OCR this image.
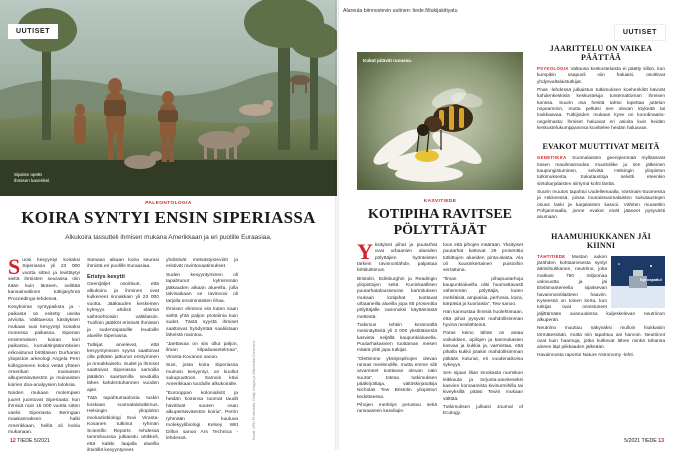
UUTISET
Sijainte opettt ihmisen kaverikel.
PALEONTOLOGIA
KOIRA SYNTYI ENSIN SIPERIASSA
Alkukoira tassutteli ihmisen mukana Amerikkaan ja eri puolille Euraasiaa.
S uosi kesyyntyi koiraksi Siperiassa yli 23 000 vuotta sitten ja levittäytyi sieltä ihmisten seurassa niin itään kuin länteen, selittää kansainvälinen tutkijaryhmä Proceedings-lehdessä.

Kesykoiran syntypaiksta ja -paikasta on esitetty useita arvioita. Valittaessa käsityksen mukaan susi kesyyntyi koiraksi monessa paikassa. Siperian ensimmäisen koiran kori paikantui, kumaläinjäännöksien erikoistunut brittiläisen Durhamin yliopiston arkeologi Angela Perri kollegoineen kokoi vetää yhteen Amerikan muinaisen alkuperäisväestön ja muinaisten koirien dna-analyysien tuloksia.

Noiden mukaan molempien juuret juontuvat Siperiaata: kun ihmisiä noin 15 000 vuotta sitten vaelsi Siperiasta Beringian maakannaksen halki Amerikkaan, heillä oli koiria mukanaan.

Samaan aikaan koira seurasi ihmistä eri puolille Euraasiaa.

Eristys kesytti

Geenijäljet osoittivat, että alkukoira ja ihminen ovat kulkeneet rinnakkain yli 23 000 vuotta. Jääkauden keskeinen kylmyys ahdisti eläimiä vaihtoehtoisiin välitilaisiin. Tuolloin jäätiköt eristivät ihmisten ja sudenrapatullle leudoille alueille Siperiassa.

Tutkijat arvelevat, että kesyyntymisen syynä saattoivat olla pitkään jatkunut eristyminen ja rinnakkaiselo. Sudet ja ihmiset saattoivat Siperiassa samoilla jäätikön saartamilla seuduilla lähes kahdentuhannen vuoden ajan.

Tätä tapahtumaolosta tuskin koskaan suomalaistutkimus. Helsingin yliopiston evoluutiobiologi Suvi Viranta-Kovanen tutkinut ryhmän Scientific Reports -lehdessä tammikuussa julkaisitu artikkeli, että kaikki laajalla alueilla ilmiöillä kesyyntyneet.

yhdistivät metsästysreviirit ja eristivät ravintovaatimukset.

Suden kesyyntyminen oli tapahtunut kylmimmän jääkauden aikaan alueella, jolla talvisaikaan se ravinnosi oli tarjolla ensimmäisten lihaa.

Ihmisen eliminoi eiä kuten kaan sieltä yhtä paljon proteiinia kuin sudet. Tästä syystä ihmiset saattoivat hyödyntää saaliistaan läheistä ravintoa.

"Jaettavaa on siis ollut paljon, ilman kilpailuasetelmaa", Viranta-Kovanen sanoo.

Susi, josta koira Siperiassa muinoin kesyyntyi, on kuollut sukupuuttoon. Samoin kävi Amerikkaan tuodulle alkukoiralle.

"Eurooppan kolonialistit ja heidän koiransa tuomat taudit hävittivät suuren osan alkuperäisväestön koiria", Perrin ryhmään kuuluva molekyylibiologi Kelsey Witt Dillon sanoo Ars Technica -lehdessä.	Kuvat: SPL/ Profimedia, Getty Images ja Wikimedia Commons
12 TIEDE 5/2021
Alareuta biinnostevin uutinen: tiede.fi/tukijakitiyatu
UUTISET
Kukat pitävät ruoassa.
KASVITIEDE
KOTIPIHA RAVITSEE PÖLYTTÄJÄT
Y ksityiset pihat ja puutarhat ovat urbaanien alueiden pölyttäjien hyönteisten tärkein ravinnonlähde, paljastaa brittitutkimus.

Bristolin, Edinburghin ja Readingin yliopistojen sekä Kuninkaallisen puutarhatalousseuran kartoituksen mukaan kotipihat tuottavat urbaaneilla alueilla jopa 85 prosenttia pölyttäjälle ravinnoksi käyttämästä mettestä.

Tutkimus tehtiin kerännältä mesinäytteitä yli 3 000 ykstittäisestä kasvista neljällä kaupunkialueella. Puutarhakasvien tuottaman mesen määrä ylitti jopa tutkijat.

"Olettimme yksityispihojen olevan runsas meslendille, mutta emme silti arvanneet tuottavan olevan näin suurta", totesa tutkimuksen pääkirjoittaja, väitöskirjatutkija Nicholas Tew Bristolin yliopiston tiedotteessa.

Pihojen merkitys perustuu sekä runsaaseen kasvilajis-

toon että pihojen määrään. Yksityiset puutarhat kattovat 29 prosenttia tutkittujen alueiden pinta-alasta. Ala oli kuusinkertainen puistoihin verrattuna.

"Ilman pihapuutarhoja kaupunkialueilla olisi huomattavasti vähemmän pölyttäjiä, kuten mehiläisiä, ampiaisia, perhosia, koira, kärpäsiä ja kuoriaisia", Tew sanoo.

Hän kannustaa ihmisiä huolehtimaan, että pihat pysyvät mahdollisimman hyvinä mesilähteinä.

Paras keino tähän on antaa voikukkien, apilojen ja kanmukasien kasvaa ja kukkia ja, varmistaa, että pihalla kukkii jotakin mahdollisimman pitkään kulunut, eri vuodenaikoina sykeyyn.

Sen sijaan lilian innokasta nurmikon leikkuuta ja torjunta-aineiteseksi kasvien korvaamista kivinurmihilla tai kiveyksillä pitäisi Tewin mukaan välttää.

Tutkimuksen julkaisi Journal of Ecology.

JAARITTELU ON VAIKEA PÄÄTTÄÄ

PSYKOLOGIA Valtaosa keskusteluista ei päätty sillon, kun kumpikin osapuoli niin haluaisi, osoittivat yhdysvaltalaistutkijat.

Pnas -lehdessä julkaistun tutkimuksen koehenkilöt kävivät kahdenkeskisiä keskusteluja tuntemattoman ihmisen kanssa. Suurin osa heistä tahtoi lopettaa juttelun nopeammin, mutta pelkäsi sen olevan töykeää tai loukkaavaa. Tutkijoiden mukaan kyse on koordinaatio-ongelmasta: ihmiset haluavat eri asioita kuin heidän keskustelukumppaninsa kuvittelee heidän haluavan.

EVAKOT MUUTTIVAT MEITÄ

GENETIIKKA Suomalaisten geeniperimää myllässivät toisen maailmansodan muuttoliike ja sen jälkeinen kaupungistuminen, selviää Helsingin yliopiston tutkimuksesta. Sukutaustoja selvitti eteenkin siirtokarjalaisten siirtymä kohti länttä.

Suurin muutos tapahtui Uudellemaalla, Varsinais-Suomessa ja Hämeessä, joissa lounaissuomalaisten sukutaustojen osuus laski ja karjalaisten kasvoi. Vähiten muutettiin Pohjanmaalla, jonne evakot eivät jääneet pysyvästi asumaan.

HAAMUHIUKKANEN JÄI KIINNI
Nyt napattu!

TÄHTITIEDE Mustan aukon järähden kohtaamisesta syntyi äärisihiukkanen, neutriino, joka matkasi 750 miljoonaa valovuotta ja jäi Etelämantereella sijaitsevan havainnointilaitteen haaviin. Kyseessä on toinen kerta, kun tutkijat ovat onnistuneet jäljittämään avaruudessa kuljeskelevan neutriinon alkuperän.

Neutriino muuttuu näkyväksi mulloin hiukkasiin törmätessään, mutta niin tapahtuu ani harvoin. Neutriinot ovat kuin haamuja, jotka kulkevat lähes minkä tahansa aineen läpi piikkaaden jälkeään.

Havainnosta raportoi Nature Astronomy -lehti.

5/2021 TIEDE 13
